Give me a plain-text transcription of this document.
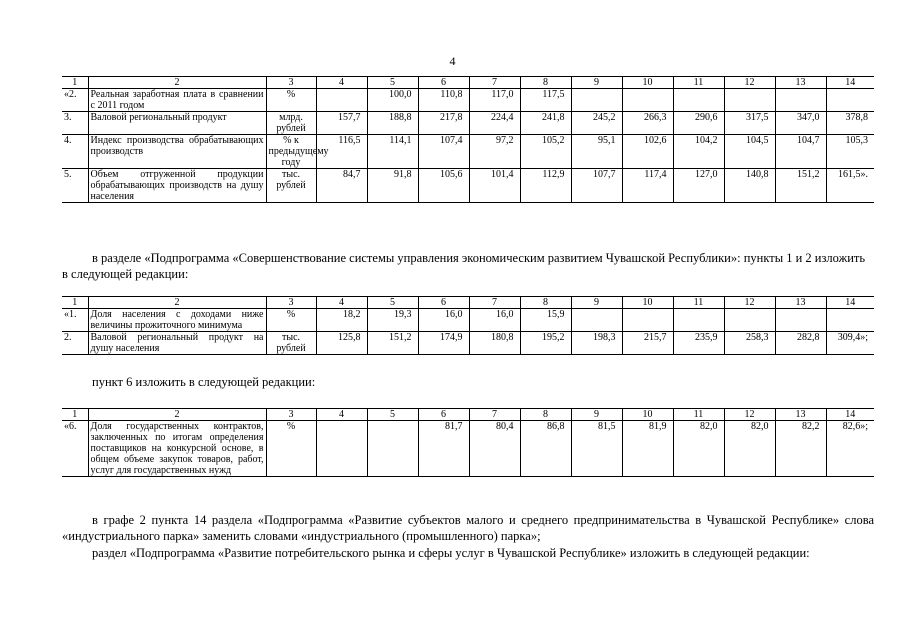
4
1	2	3	4	5	6	7	8	9	10	11	12	13	14
«2.	Реальная заработная плата в сравнении с 2011 годом	%		100,0	110,8	117,0	117,5						
3.	Валовой региональный продукт	млрд. рублей	157,7	188,8	217,8	224,4	241,8	245,2	266,3	290,6	317,5	347,0	378,8
4.	Индекс производства обрабатывающих производств	% к предыдущему году	116,5	114,1	107,4	97,2	105,2	95,1	102,6	104,2	104,5	104,7	105,3
5.	Объем отгруженной продукции обрабатывающих производств на душу населения	тыс. рублей	84,7	91,8	105,6	101,4	112,9	107,7	117,4	127,0	140,8	151,2	161,5».

в разделе «Подпрограмма «Совершенствование системы управления экономическим развитием Чувашской Республики»: пункты 1 и 2 изложить в следующей редакции:

1	2	3	4	5	6	7	8	9	10	11	12	13	14
«1.	Доля населения с доходами ниже величины прожиточного минимума	%	18,2	19,3	16,0	16,0	15,9						
2.	Валовой региональный продукт на душу населения	тыс. рублей	125,8	151,2	174,9	180,8	195,2	198,3	215,7	235,9	258,3	282,8	309,4»;

пункт 6 изложить в следующей редакции:

1	2	3	4	5	6	7	8	9	10	11	12	13	14
«6.	Доля государственных контрактов, заключенных по итогам определения поставщиков на конкурсной основе, в общем объеме закупок товаров, работ, услуг для государственных нужд	%			81,7	80,4	86,8	81,5	81,9	82,0	82,0	82,2	82,6»;

в графе 2 пункта 14 раздела «Подпрограмма «Развитие субъектов малого и среднего предпринимательства в Чувашской Республике» слова «индустриального парка» заменить словами «индустриального (промышленного) парка»;

раздел «Подпрограмма «Развитие потребительского рынка и сферы услуг в Чувашской Республике» изложить в следующей редакции:
